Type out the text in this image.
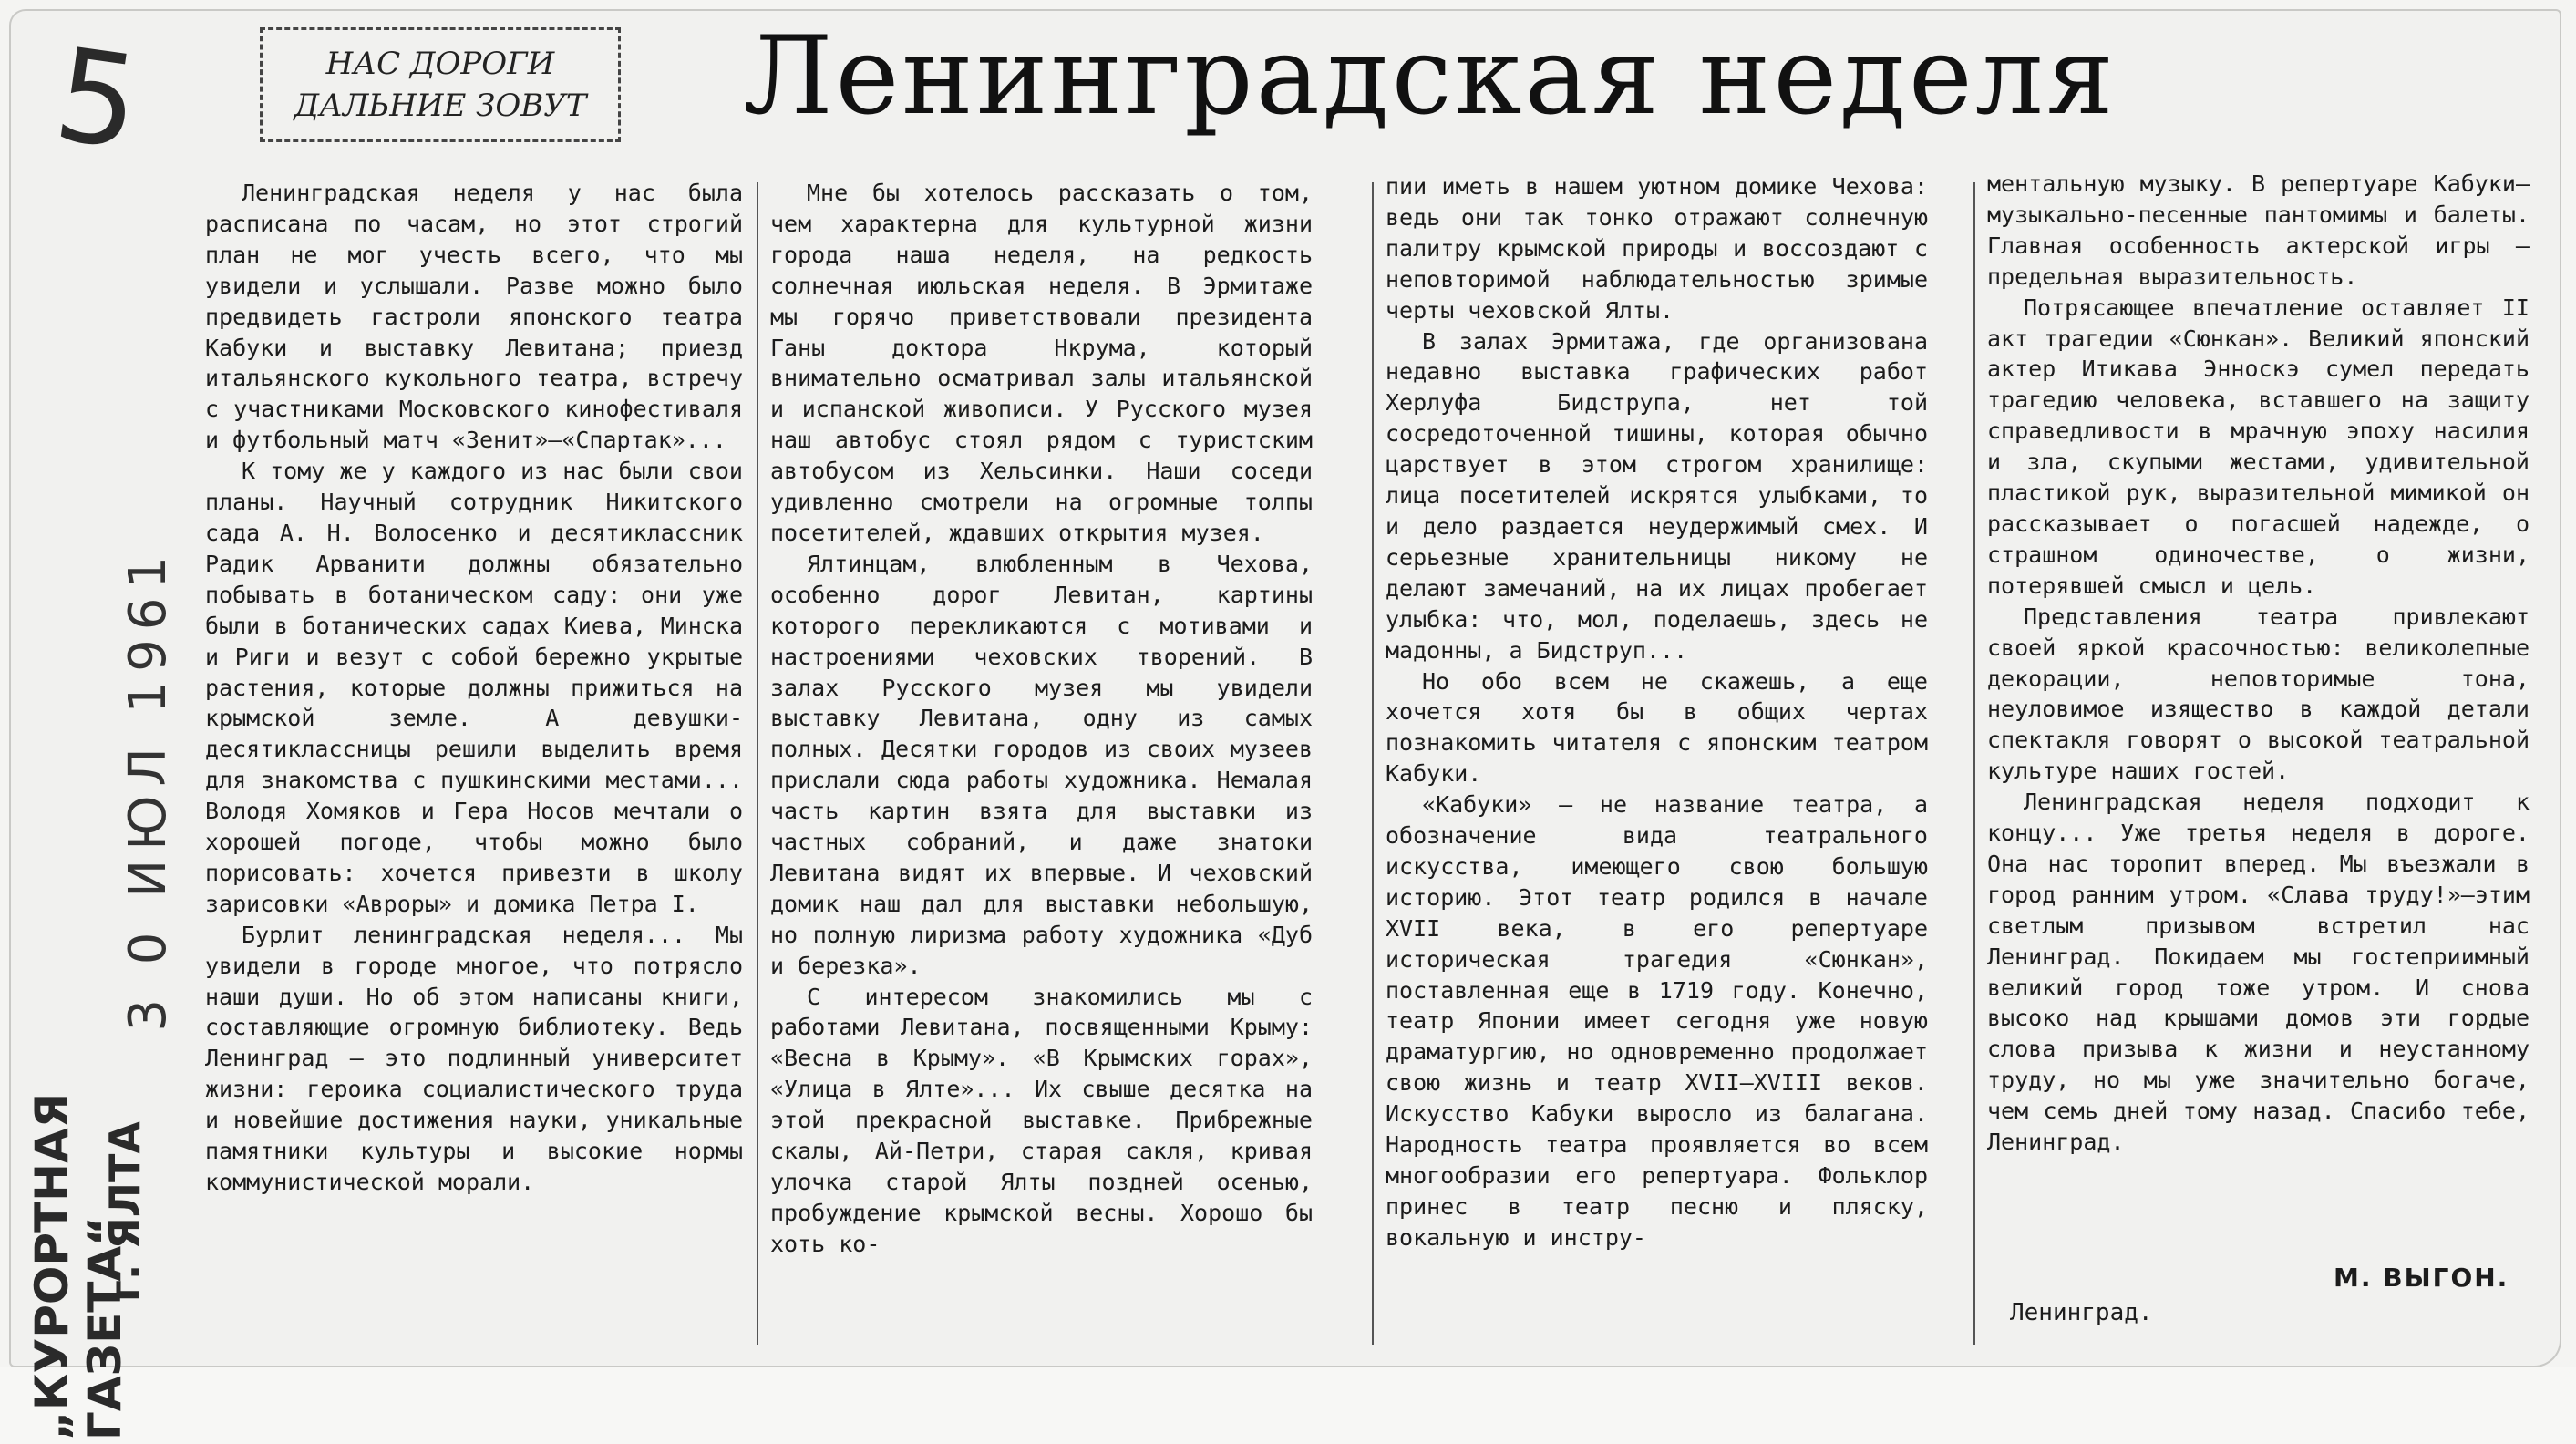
5	НАС ДОРОГИ
ДАЛЬНИЕ ЗОВУТ Ленинградская неделя
3 0 ИЮЛ 1961
„КУРОРТНАЯ ГАЗЕТА“
г. ЯЛТА

Ленинградская неделя у нас была расписана по часам, но этот строгий план не мог учесть всего, что мы увидели и услышали. Разве можно было предвидеть гастроли японского театра Кабуки и выставку Левитана; приезд итальянского кукольного театра, встречу с участниками Московского кинофестиваля и футбольный матч «Зенит»—«Спартак»...

К тому же у каждого из нас были свои планы. Научный сотрудник Никитского сада А. Н. Волосенко и десятиклассник Радик Арванити должны обязательно побывать в ботаническом саду: они уже были в ботанических садах Киева, Минска и Риги и везут с собой бережно укрытые растения, которые должны прижиться на крымской земле. А девушки-десятиклассницы решили выделить время для знакомства с пушкинскими местами... Володя Хомяков и Гера Носов мечтали о хорошей погоде, чтобы можно было порисовать: хочется привезти в школу зарисовки «Авроры» и домика Петра I.

Бурлит ленинградская неделя... Мы увидели в городе многое, что потрясло наши души. Но об этом написаны книги, составляющие огромную библиотеку. Ведь Ленинград — это подлинный университет жизни: героика социалистического труда и новейшие достижения науки, уникальные памятники культуры и высокие нормы коммунистической морали.

Мне бы хотелось рассказать о том, чем характерна для культурной жизни города наша неделя, на редкость солнечная июльская неделя. В Эрмитаже мы горячо приветствовали президента Ганы доктора Нкрума, который внимательно осматривал залы итальянской и испанской живописи. У Русского музея наш автобус стоял рядом с туристским автобусом из Хельсинки. Наши соседи удивленно смотрели на огромные толпы посетителей, ждавших открытия музея.

Ялтинцам, влюбленным в Чехова, особенно дорог Левитан, картины которого перекликаются с мотивами и настроениями чеховских творений. В залах Русского музея мы увидели выставку Левитана, одну из самых полных. Десятки городов из своих музеев прислали сюда работы художника. Немалая часть картин взята для выставки из частных собраний, и даже знатоки Левитана видят их впервые. И чеховский домик наш дал для выставки небольшую, но полную лиризма работу художника «Дуб и березка».

С интересом знакомились мы с работами Левитана, посвященными Крыму: «Весна в Крыму». «В Крымских горах», «Улица в Ялте»... Их свыше десятка на этой прекрасной выставке. Прибрежные скалы, Ай-Петри, старая сакля, кривая улочка старой Ялты поздней осенью, пробуждение крымской весны. Хорошо бы хоть ко-

пии иметь в нашем уютном домике Чехова: ведь они так тонко отражают солнечную палитру крымской природы и воссоздают с неповторимой наблюдательностью зримые черты чеховской Ялты.

В залах Эрмитажа, где организована недавно выставка графических работ Херлуфа Бидструпа, нет той сосредоточенной тишины, которая обычно царствует в этом строгом хранилище: лица посетителей искрятся улыбками, то и дело раздается неудержимый смех. И серьезные хранительницы никому не делают замечаний, на их лицах пробегает улыбка: что, мол, поделаешь, здесь не мадонны, а Бидструп...

Но обо всем не скажешь, а еще хочется хотя бы в общих чертах познакомить читателя с японским театром Кабуки.

«Кабуки» — не название театра, а обозначение вида театрального искусства, имеющего свою большую историю. Этот театр родился в начале XVII века, в его репертуаре историческая трагедия «Сюнкан», поставленная еще в 1719 году. Конечно, театр Японии имеет сегодня уже новую драматургию, но одновременно продолжает свою жизнь и театр XVII—XVIII веков. Искусство Кабуки выросло из балагана. Народность театра проявляется во всем многообразии его репертуара. Фольклор принес в театр песню и пляску, вокальную и инстру-

ментальную музыку. В репертуаре Кабуки—музыкально-песенные пантомимы и балеты. Главная особенность актерской игры — предельная выразительность.

Потрясающее впечатление оставляет II акт трагедии «Сюнкан». Великий японский актер Итикава Энноскэ сумел передать трагедию человека, вставшего на защиту справедливости в мрачную эпоху насилия и зла, скупыми жестами, удивительной пластикой рук, выразительной мимикой он рассказывает о погасшей надежде, о страшном одиночестве, о жизни, потерявшей смысл и цель.

Представления театра привлекают своей яркой красочностью: великолепные декорации, неповторимые тона, неуловимое изящество в каждой детали спектакля говорят о высокой театральной культуре наших гостей.

Ленинградская неделя подходит к концу... Уже третья неделя в дороге. Она нас торопит вперед. Мы въезжали в город ранним утром. «Слава труду!»—этим светлым призывом встретил нас Ленинград. Покидаем мы гостеприимный великий город тоже утром. И снова высоко над крышами домов эти гордые слова призыва к жизни и неустанному труду, но мы уже значительно богаче, чем семь дней тому назад. Спасибо тебе, Ленинград.

М. ВЫГОН.
Ленинград.
